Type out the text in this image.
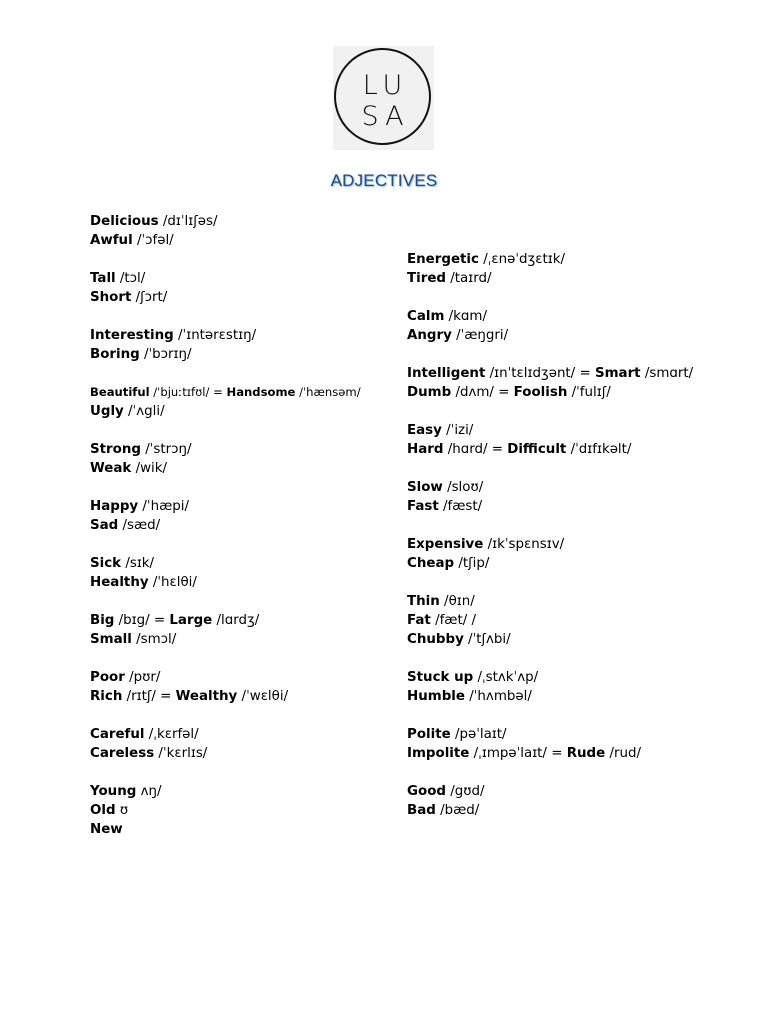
LU
SA
ADJECTIVES
Delicious /dɪˈlɪʃəs/
Awful /ˈɔfəl/
Tall /tɔl/
Short /ʃɔrt/
Interesting /ˈɪntərɛstɪŋ/
Boring /ˈbɔrɪŋ/
Beautiful /ˈbjuːtɪfʊl/ = Handsome /ˈhænsəm/
Ugly /ˈʌgli/
Strong /ˈstrɔŋ/
Weak /wik/
Happy /ˈhæpi/
Sad /sæd/
Sick /sɪk/
Healthy /ˈhɛlθi/
Big /bɪg/ = Large /lɑrdʒ/
Small /smɔl/
Poor /pʊr/
Rich /rɪtʃ/ = Wealthy /ˈwɛlθi/
Careful /ˌkɛrfəl/
Careless /ˈkɛrlɪs/
Young ʌŋ/
Old ʊ
New
Energetic /ˌɛnəˈdʒɛtɪk/
Tired /taɪrd/
Calm /kɑm/
Angry /ˈæŋgri/
Intelligent /ɪnˈtɛlɪdʒənt/ = Smart /smɑrt/
Dumb /dʌm/ = Foolish /ˈfulɪʃ/
Easy /ˈizi/
Hard /hɑrd/ = Difficult /ˈdɪfɪkəlt/
Slow /sloʊ/
Fast /fæst/
Expensive /ɪkˈspɛnsɪv/
Cheap /tʃip/
Thin /θɪn/
Fat /fæt/ /
Chubby /ˈtʃʌbi/
Stuck up /ˌstʌkˈʌp/
Humble /ˈhʌmbəl/
Polite /pəˈlaɪt/
Impolite /ˌɪmpəˈlaɪt/ = Rude /rud/
Good /gʊd/
Bad /bæd/
